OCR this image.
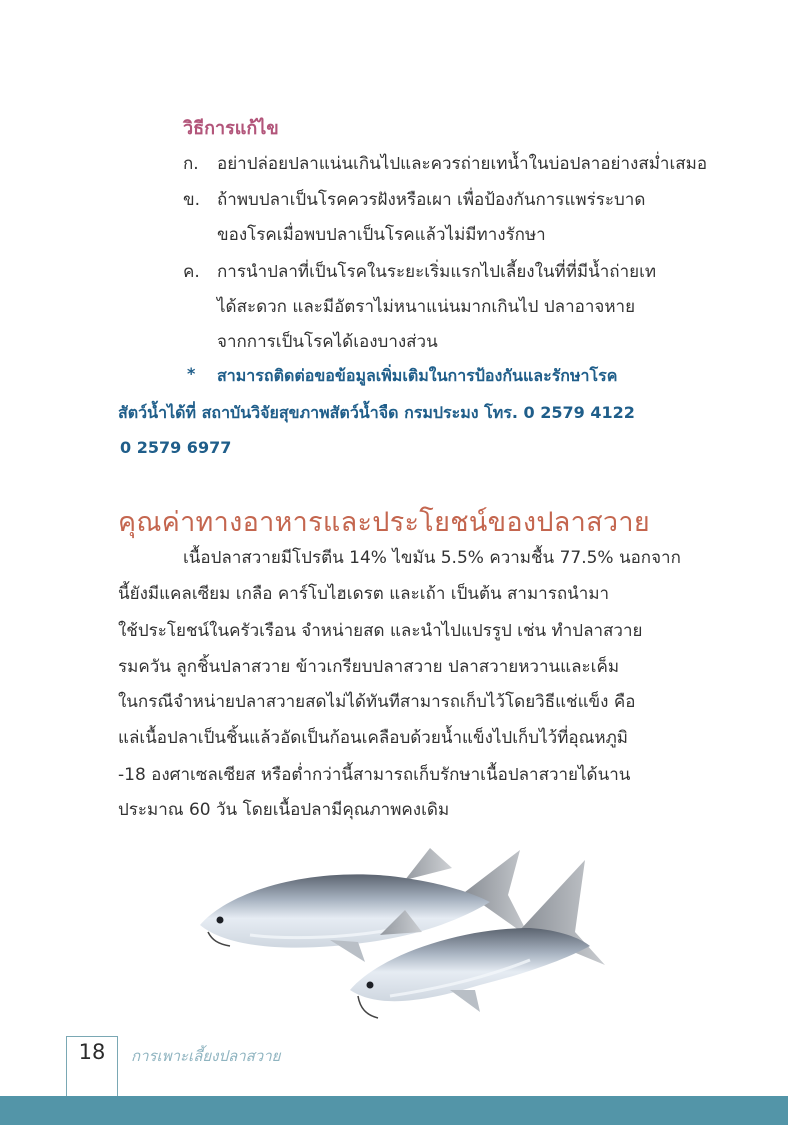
วิธีการแก้ไข
ก. อย่าปล่อยปลาแน่นเกินไปและควรถ่ายเทน้ำในบ่อปลาอย่างสม่ำเสมอ
ข. ถ้าพบปลาเป็นโรคควรฝังหรือเผา เพื่อป้องกันการแพร่ระบาด
ของโรคเมื่อพบปลาเป็นโรคแล้วไม่มีทางรักษา
ค. การนำปลาที่เป็นโรคในระยะเริ่มแรกไปเลี้ยงในที่ที่มีน้ำถ่ายเท
ได้สะดวก และมีอัตราไม่หนาแน่นมากเกินไป ปลาอาจหาย
จากการเป็นโรคได้เองบางส่วน
* สามารถติดต่อขอข้อมูลเพิ่มเติมในการป้องกันและรักษาโรค
สัตว์น้ำได้ที่ สถาบันวิจัยสุขภาพสัตว์น้ำจืด กรมประมง โทร. 0 2579 4122
0 2579 6977
คุณค่าทางอาหารและประโยชน์ของปลาสวาย
เนื้อปลาสวายมีโปรตีน 14% ไขมัน 5.5% ความชื้น 77.5% นอกจาก
นี้ยังมีแคลเซียม เกลือ คาร์โบไฮเดรต และเถ้า เป็นต้น สามารถนำมา
ใช้ประโยชน์ในครัวเรือน จำหน่ายสด และนำไปแปรรูป เช่น ทำปลาสวาย
รมควัน ลูกชิ้นปลาสวาย ข้าวเกรียบปลาสวาย ปลาสวายหวานและเค็ม
ในกรณีจำหน่ายปลาสวายสดไม่ได้ทันทีสามารถเก็บไว้โดยวิธีแช่แข็ง คือ
แล่เนื้อปลาเป็นชิ้นแล้วอัดเป็นก้อนเคลือบด้วยน้ำแข็งไปเก็บไว้ที่อุณหภูมิ
-18 องศาเซลเซียส หรือต่ำกว่านี้สามารถเก็บรักษาเนื้อปลาสวายได้นาน
ประมาณ 60 วัน โดยเนื้อปลามีคุณภาพคงเดิม
18	การเพาะเลี้ยงปลาสวาย
